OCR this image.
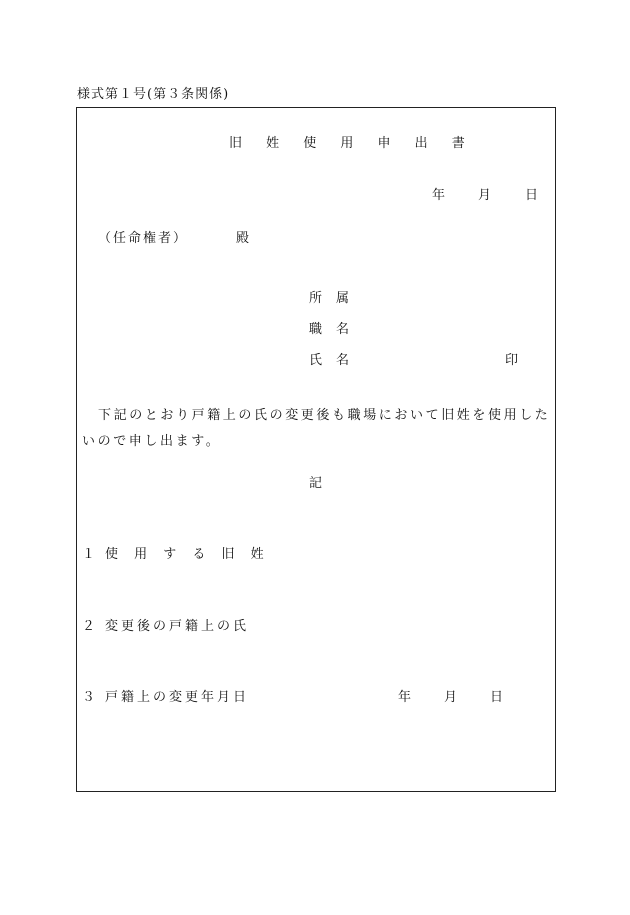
様式第１号(第３条関係)
旧 姓 使 用 申 出 書
年	月	日
（任命権者）	殿
所属
職名
氏名	印
下記のとおり戸籍上の氏の変更後も職場において旧姓を使用したいので申し出ます。
記
１ 使 用 す る 旧 姓
２ 変更後の戸籍上の氏
３ 戸籍上の変更年月日	年	月	日
